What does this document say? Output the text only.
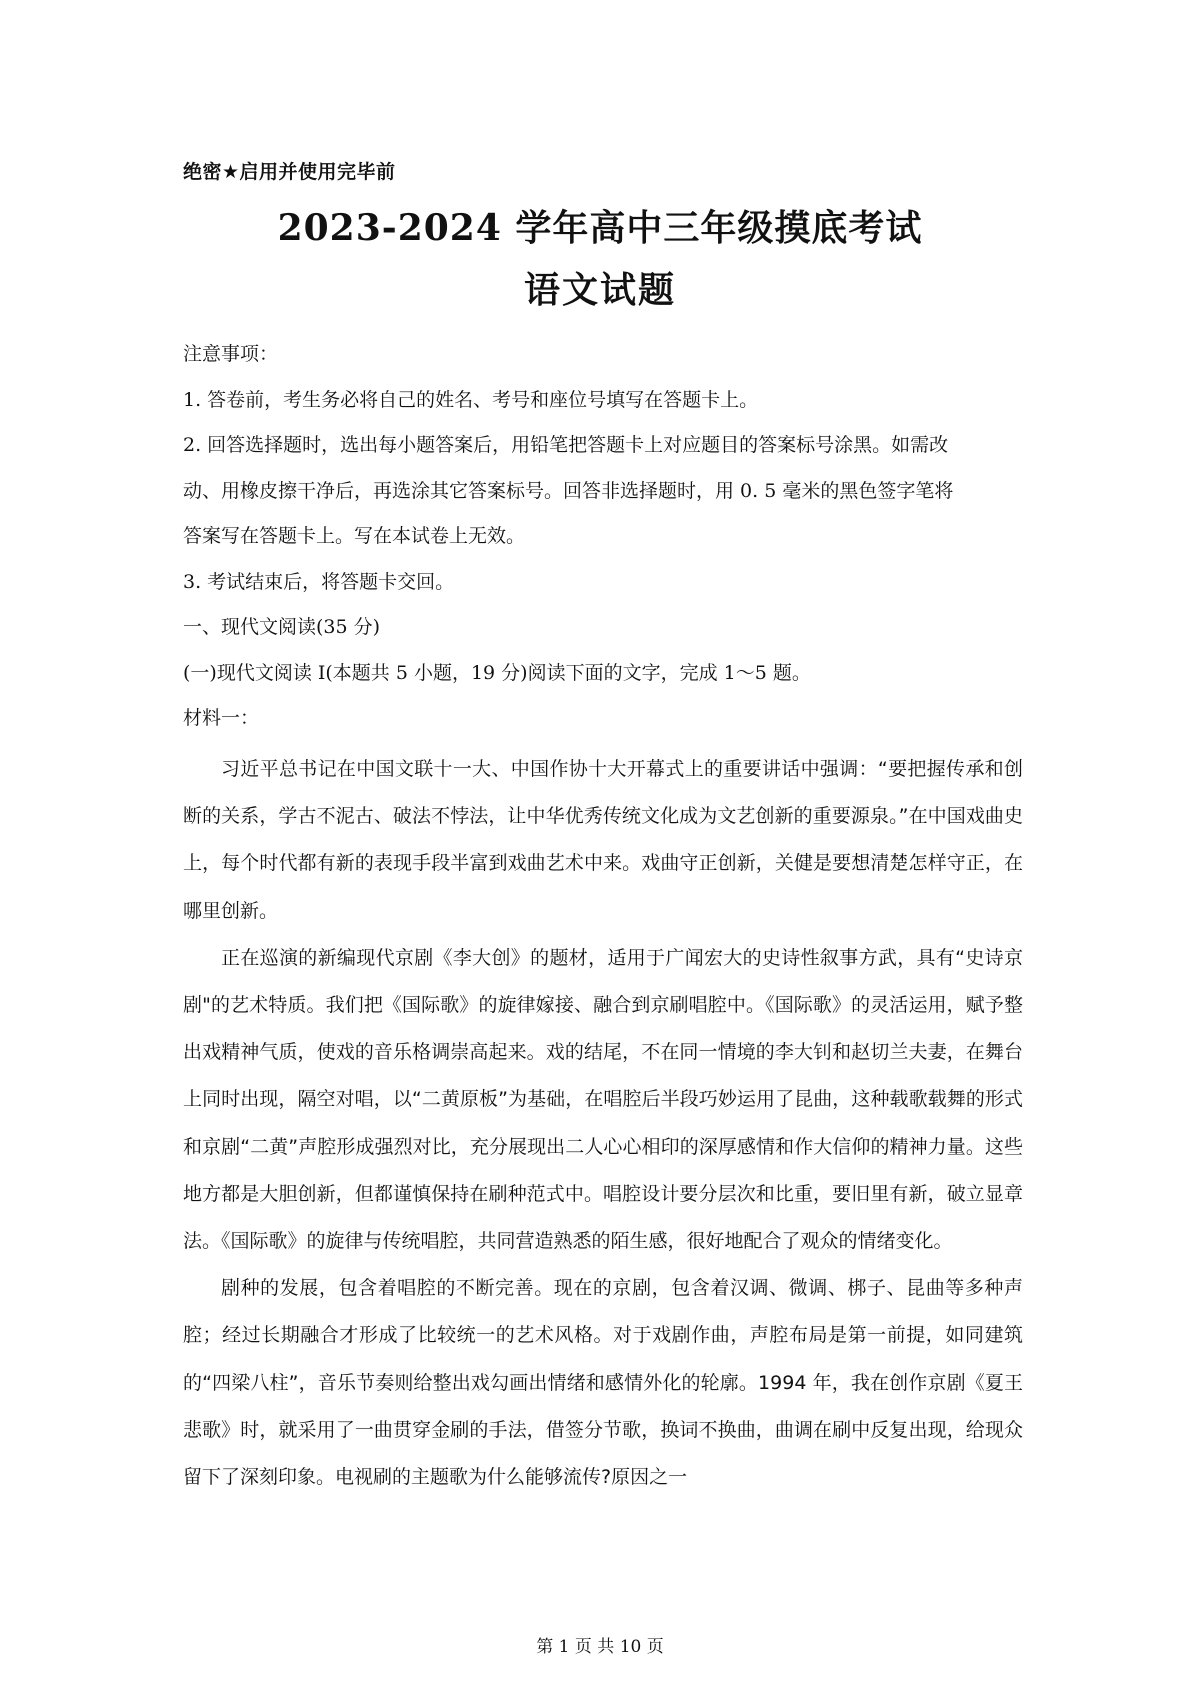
绝密★启用并使用完毕前
2023-2024 学年高中三年级摸底考试
语文试题
注意事项：
1. 答卷前，考生务必将自己的姓名、考号和座位号填写在答题卡上。
2. 回答选择题时，选出每小题答案后，用铅笔把答题卡上对应题目的答案标号涂黑。如需改
动、用橡皮擦干净后，再选涂其它答案标号。回答非选择题时，用 0. 5 毫米的黑色签字笔将
答案写在答题卡上。写在本试卷上无效。
3. 考试结束后，将答题卡交回。
一、现代文阅读(35 分)
(一)现代文阅读 I(本题共 5 小题，19 分)阅读下面的文字，完成 1～5 题。
材料一：

习近平总书记在中国文联十一大、中国作协十大开幕式上的重要讲话中强调：“要把握传承和创断的关系，学古不泥古、破法不悖法，让中华优秀传统文化成为文艺创新的重要源泉。”在中国戏曲史上，每个时代都有新的表现手段半富到戏曲艺术中来。戏曲守正创新，关健是要想清楚怎样守正，在哪里创新。

正在巡演的新编现代京剧《李大创》的题材，适用于广闻宏大的史诗性叙事方武，具有“史诗京剧"的艺术特质。我们把《国际歌》的旋律嫁接、融合到京刷唱腔中。《国际歌》的灵活运用，赋予整出戏精神气质，使戏的音乐格调崇高起来。戏的结尾，不在同一情境的李大钊和赵切兰夫妻，在舞台上同时出现，隔空对唱，以“二黄原板”为基础，在唱腔后半段巧妙运用了昆曲，这种载歌载舞的形式和京剧“二黄”声腔形成强烈对比，充分展现出二人心心相印的深厚感情和作大信仰的精神力量。这些地方都是大胆创新，但都谨慎保持在刷种范式中。唱腔设计要分层次和比重，要旧里有新，破立显章法。《国际歌》的旋律与传统唱腔，共同营造熟悉的陌生感，很好地配合了观众的情绪变化。

剧种的发展，包含着唱腔的不断完善。现在的京剧，包含着汉调、微调、梆子、昆曲等多种声腔；经过长期融合才形成了比较统一的艺术风格。对于戏剧作曲，声腔布局是第一前提，如同建筑的“四梁八柱”，音乐节奏则给整出戏勾画出情绪和感情外化的轮廓。1994 年，我在创作京剧《夏王悲歌》时，就采用了一曲贯穿金刷的手法，借签分节歌，换词不换曲，曲调在刷中反复出现，给现众留下了深刻印象。电视刷的主题歌为什么能够流传?原因之一

第 1 页 共 10 页
